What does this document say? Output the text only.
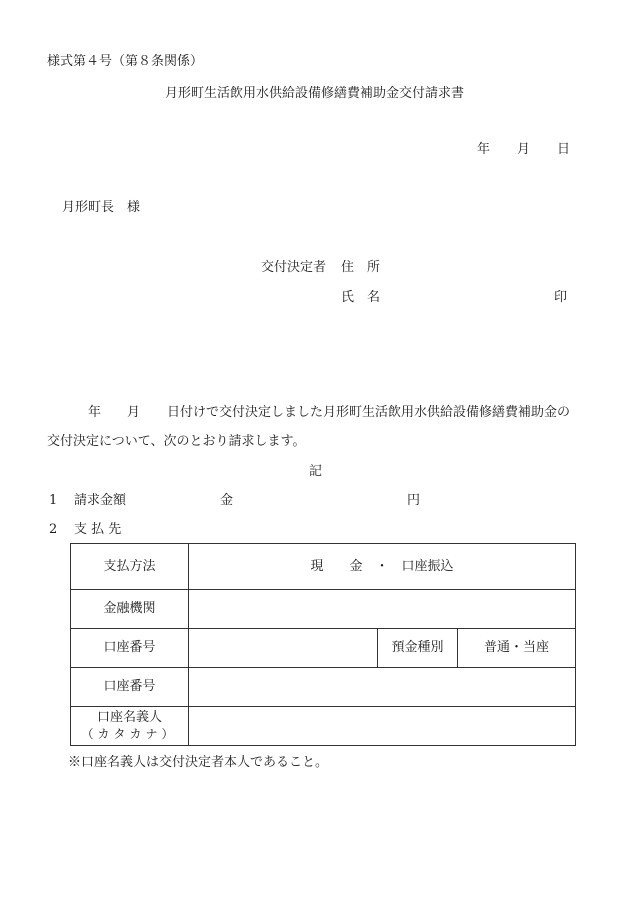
様式第４号（第８条関係）
月形町生活飲用水供給設備修繕費補助金交付請求書
年 月 日
月形町長 様
交付決定者 住　所
氏　名	印
年 月 日付けで交付決定しました月形町生活飲用水供給設備修繕費補助金の
交付決定について、次のとおり請求します。
記
1 請求金額	金	円
2 支 払 先
支払方法	現　　金　・　口座振込		
金融機関			
口座番号		預金種別	普通・当座
口座番号			

口座名義人
（カタカナ）			

※口座名義人は交付決定者本人であること。
